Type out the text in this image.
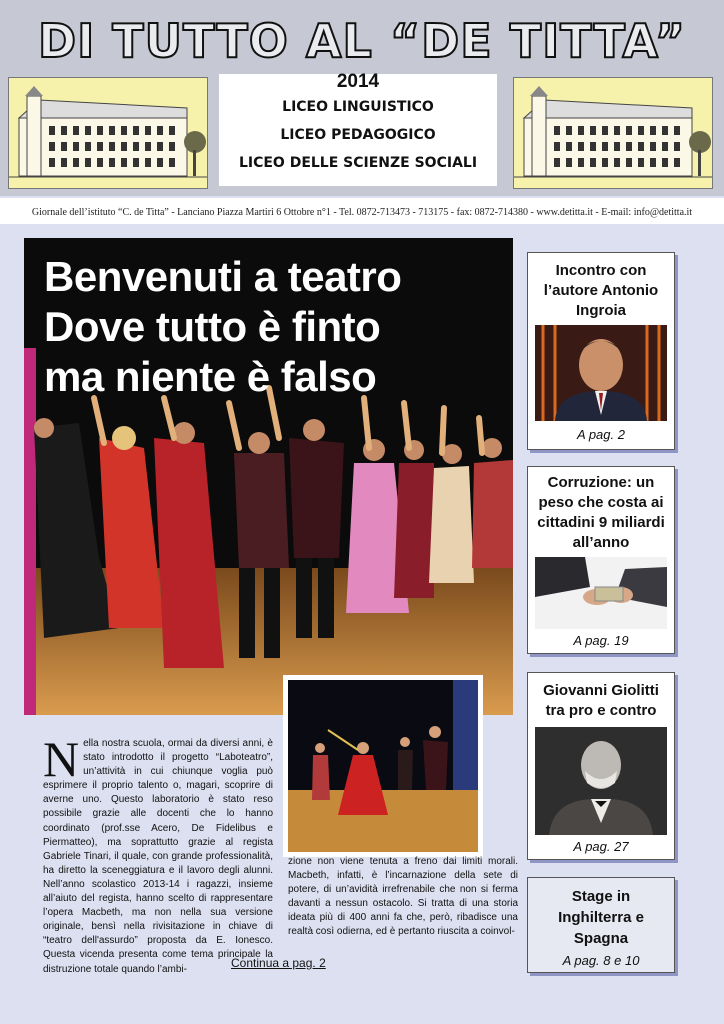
DI TUTTO AL “DE TITTA”
2014
LICEO LINGUISTICO
LICEO PEDAGOGICO
LICEO DELLE SCIENZE SOCIALI
Giornale dell’istituto “C. de Titta” - Lanciano Piazza Martiri 6 Ottobre n°1 - Tel. 0872-713473 - 713175 - fax: 0872-714380 - www.detitta.it - E-mail: info@detitta.it
Benvenuti a teatro
Dove tutto è finto
ma niente è falso
N ella nostra scuola, ormai da diversi anni, è stato introdotto il progetto “Laboteatro”, un’attività in cui chiunque voglia può esprimere il proprio talento o, magari, scoprire di averne uno. Questo laboratorio è stato reso possibile grazie alle docenti che lo hanno coordinato (prof.sse Acero, De Fidelibus e Piermatteo), ma soprattutto grazie al regista Gabriele Tinari, il quale, con grande professionalità, ha diretto la sceneggiatura e il lavoro degli alunni. Nell’anno scolastico 2013-14 i ragazzi, insieme all’aiuto del regista, hanno scelto di rappresentare l’opera Macbeth, ma non nella sua versione originale, bensì nella rivisitazione in chiave di “teatro dell'assurdo” proposta da E. Ionesco. Questa vicenda presenta come tema principale la distruzione totale quando l’ambi-
zione non viene tenuta a freno dai limiti morali. Macbeth, infatti, è l’incarnazione della sete di potere, di un’avidità irrefrenabile che non si ferma davanti a nessun ostacolo. Si tratta di una storia ideata più di 400 anni fa che, però, ribadisce una realtà così odierna, ed è pertanto riuscita a coinvol-
Continua a pag. 2
Incontro con l’autore Antonio Ingroia
A pag. 2
Corruzione: un peso che costa ai cittadini 9 miliardi all’anno
A pag. 19
Giovanni Giolitti tra pro e contro
A pag. 27
Stage in Inghilterra e Spagna
A pag. 8 e 10
